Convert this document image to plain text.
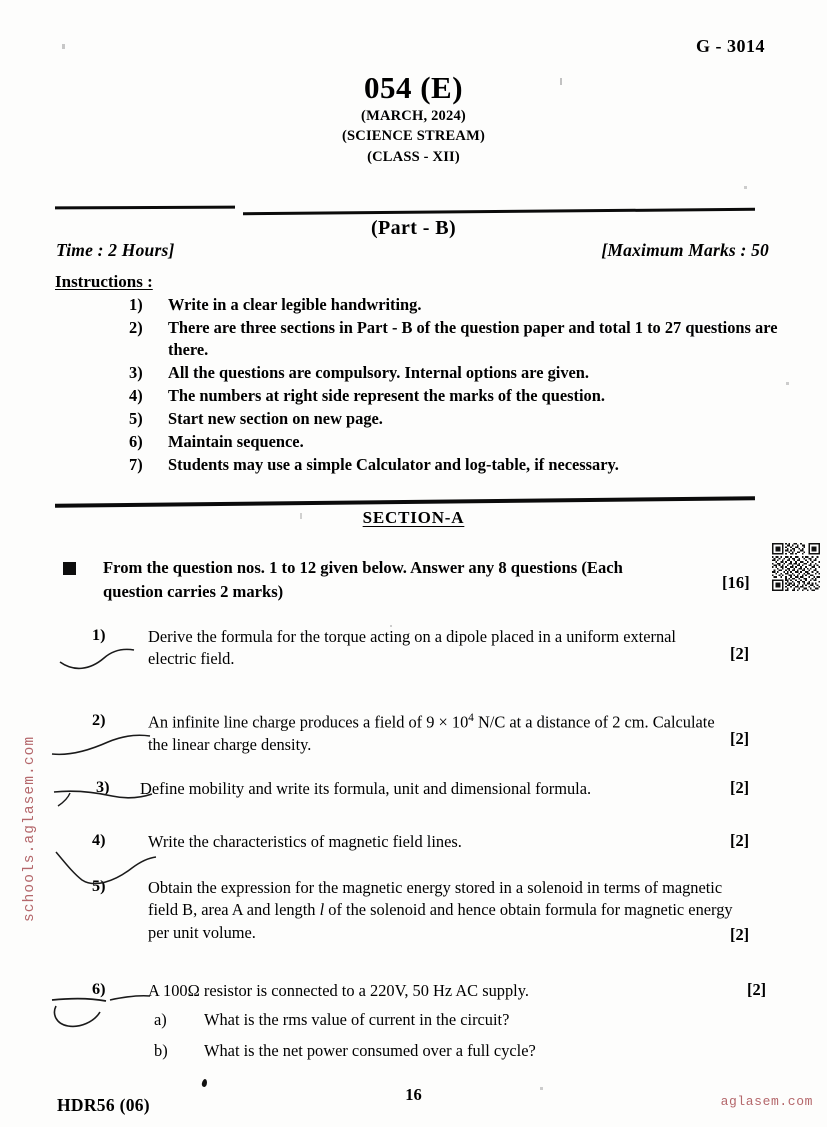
schools.aglasem.com
aglasem.com
G - 3014
054 (E)
(MARCH, 2024)
(SCIENCE STREAM)
(CLASS - XII)
(Part - B)
Time : 2 Hours]	[Maximum Marks : 50
Instructions :
1)	Write in a clear legible handwriting.
2)	There are three sections in Part - B of the question paper and total 1 to 27 questions are there.
3)	All the questions are compulsory. Internal options are given.
4)	The numbers at right side represent the marks of the question.
5)	Start new section on new page.
6)	Maintain sequence.
7)	Students may use a simple Calculator and log-table, if necessary.
SECTION-A
From the question nos. 1 to 12 given below. Answer any 8 questions (Each
question carries 2 marks)	[16]
1)	Derive the formula for the torque acting on a dipole placed in a uniform external electric field.	[2]
2)	An infinite line charge produces a field of $9 \times 10^4$ N/C at a distance of 2 cm. Calculate the linear charge density.	[2]
3)	Define mobility and write its formula, unit and dimensional formula.	[2]
4)	Write the characteristics of magnetic field lines.	[2]
5)	Obtain the expression for the magnetic energy stored in a solenoid in terms of magnetic field B, area A and length l of the solenoid and hence obtain formula for magnetic energy per unit volume.	[2]
6)	A 100Ω resistor is connected to a 220V, 50 Hz AC supply.
a)	What is the rms value of current in the circuit?
b)	What is the net power consumed over a full cycle?
[2]
16
HDR56 (06)
